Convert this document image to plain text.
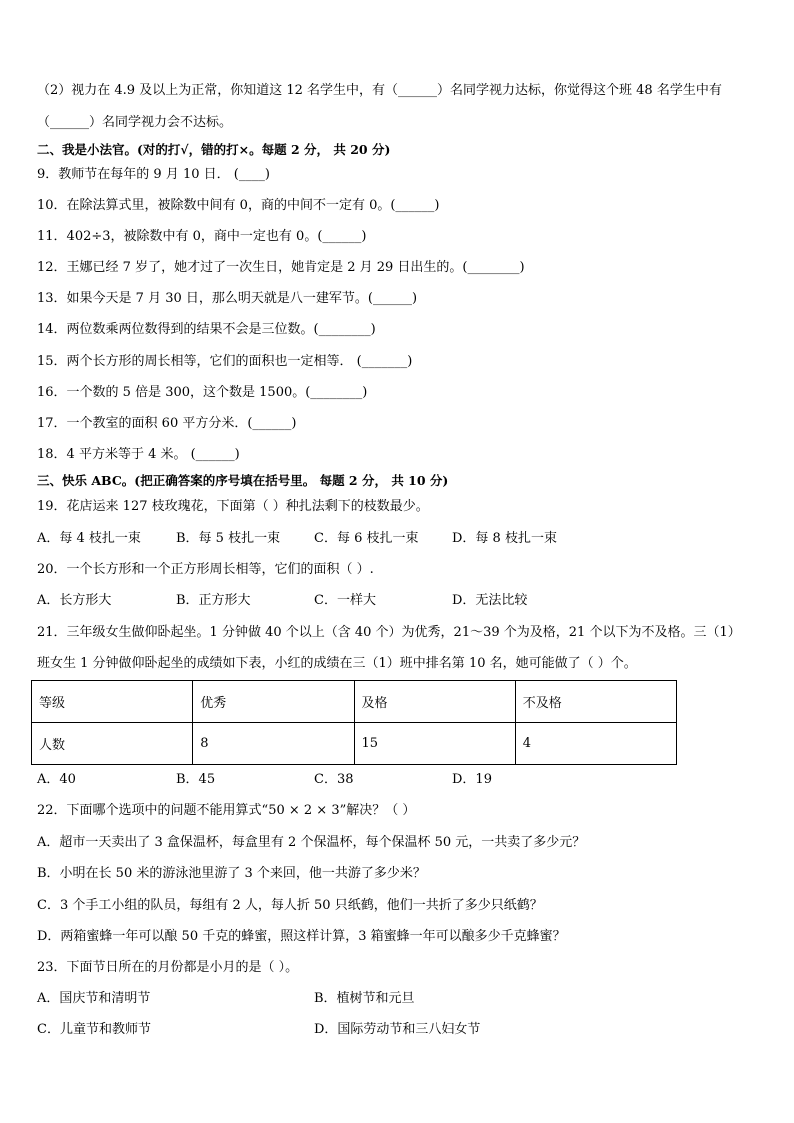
（2）视力在 4.9 及以上为正常，你知道这 12 名学生中，有（______）名同学视力达标，你觉得这个班 48 名学生中有
（______）名同学视力会不达标。
二、我是小法官。(对的打√，错的打×。每题 2 分， 共 20 分)
9．教师节在每年的 9 月 10 日． (____)
10．在除法算式里，被除数中间有 0，商的中间不一定有 0。(______)
11．402÷3，被除数中有 0，商中一定也有 0。(______)
12．王娜已经 7 岁了，她才过了一次生日，她肯定是 2 月 29 日出生的。(________)
13．如果今天是 7 月 30 日，那么明天就是八一建军节。(______)
14．两位数乘两位数得到的结果不会是三位数。(________)
15．两个长方形的周长相等，它们的面积也一定相等． (_______)
16．一个数的 5 倍是 300，这个数是 1500。(________)
17．一个教室的面积 60 平方分米．(______)
18．4 平方米等于 4 米。 (______)
三、快乐 ABC。(把正确答案的序号填在括号里。 每题 2 分， 共 10 分)
19．花店运来 127 枝玫瑰花，下面第（ ）种扎法剩下的枝数最少。
A．每 4 枝扎一束	B．每 5 枝扎一束	C．每 6 枝扎一束	D．每 8 枝扎一束
20．一个长方形和一个正方形周长相等，它们的面积（ ）.
A．长方形大	B．正方形大	C．一样大	D．无法比较
21．三年级女生做仰卧起坐。1 分钟做 40 个以上（含 40 个）为优秀，21～39 个为及格，21 个以下为不及格。三（1）
班女生 1 分钟做仰卧起坐的成绩如下表，小红的成绩在三（1）班中排名第 10 名，她可能做了（ ）个。
等级	优秀	及格	不及格
人数	8	15	4
A．40	B．45	C．38	D．19
22．下面哪个选项中的问题不能用算式“50 × 2 × 3”解决？（ ）
A．超市一天卖出了 3 盒保温杯，每盒里有 2 个保温杯，每个保温杯 50 元，一共卖了多少元？
B．小明在长 50 米的游泳池里游了 3 个来回，他一共游了多少米？
C．3 个手工小组的队员，每组有 2 人，每人折 50 只纸鹤，他们一共折了多少只纸鹤？
D．两箱蜜蜂一年可以酿 50 千克的蜂蜜，照这样计算，3 箱蜜蜂一年可以酿多少千克蜂蜜？
23．下面节日所在的月份都是小月的是（ ）。
A．国庆节和清明节	B．植树节和元旦
C．儿童节和教师节	D．国际劳动节和三八妇女节
